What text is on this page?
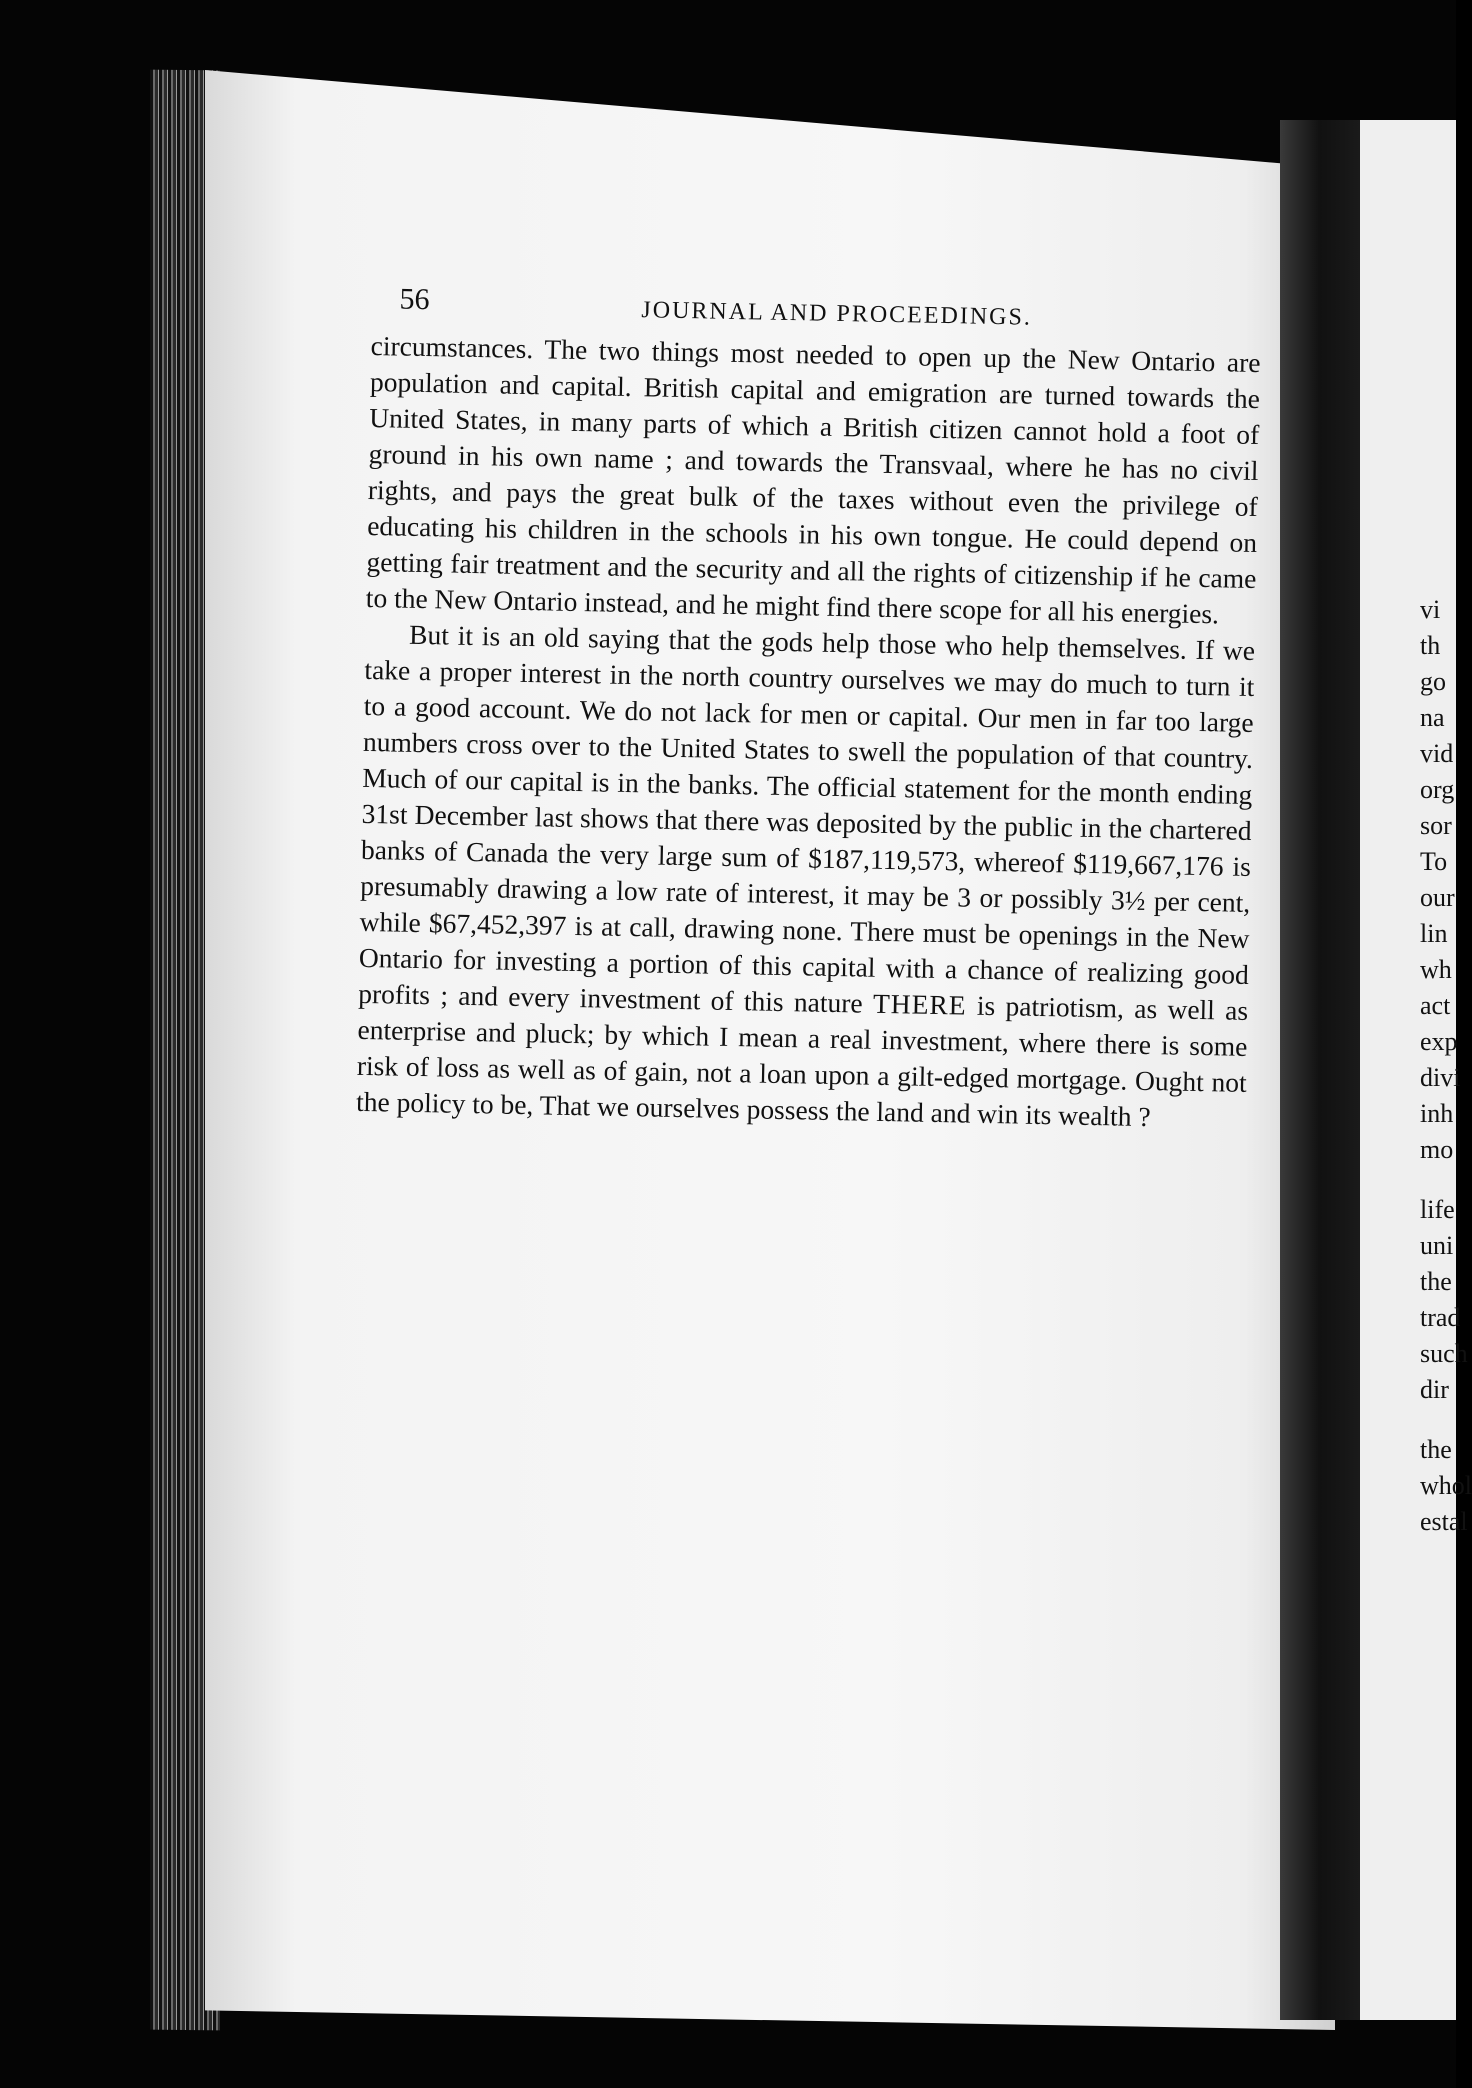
vi
th
go
na
vid
org
sor
To
our
lin
wh
act
exp
divi
inh
mo
life
uni
the
trad
such
dir
the
whol
estal
56	JOURNAL AND PROCEEDINGS.

circumstances. The two things most needed to open up the New Ontario are population and capital. British capital and emigration are turned towards the United States, in many parts of which a British citizen cannot hold a foot of ground in his own name ; and towards the Transvaal, where he has no civil rights, and pays the great bulk of the taxes without even the privilege of educating his children in the schools in his own tongue. He could depend on getting fair treatment and the security and all the rights of citizenship if he came to the New Ontario instead, and he might find there scope for all his energies.

But it is an old saying that the gods help those who help themselves. If we take a proper interest in the north country ourselves we may do much to turn it to a good account. We do not lack for men or capital. Our men in far too large numbers cross over to the United States to swell the population of that country. Much of our capital is in the banks. The official statement for the month ending 31st December last shows that there was deposited by the public in the chartered banks of Canada the very large sum of $187,119,573, whereof $119,667,176 is presumably drawing a low rate of interest, it may be 3 or possibly 3½ per cent, while $67,452,397 is at call, drawing none. There must be openings in the New Ontario for investing a portion of this capital with a chance of realizing good profits ; and every investment of this nature THERE is patriotism, as well as enterprise and pluck; by which I mean a real investment, where there is some risk of loss as well as of gain, not a loan upon a gilt-edged mortgage. Ought not the policy to be, That we ourselves possess the land and win its wealth ?
